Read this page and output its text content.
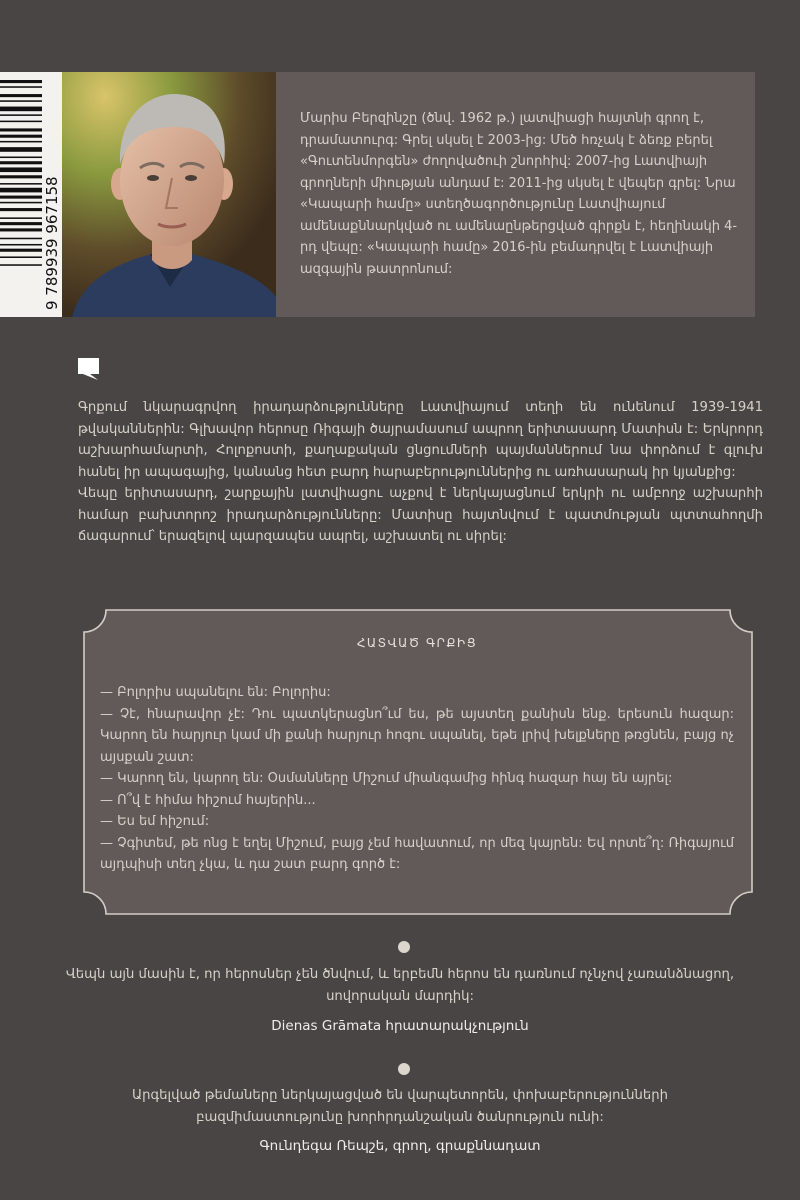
9 789939 967158

Մարիս Բերզինշը (ծնվ. 1962 թ.) լատվիացի հայտնի գրող է, դրամատուրգ: Գրել սկսել է 2003-ից: Մեծ հռչակ է ձեռք բերել «Գուտենմորգեն» ժողովածուի շնորհիվ: 2007-ից Լատվիայի գրողների միության անդամ է: 2011-ից սկսել է վեպեր գրել: Նրա «Կապարի համը» ստեղծագործությունը Լատվիայում ամենաքննարկված ու ամենաընթերցված գիրքն է, հեղինակի 4-րդ վեպը: «Կապարի համը» 2016-ին բեմադրվել է Լատվիայի ազգային թատրոնում:

Գրքում նկարագրվող իրադարձությունները Լատվիայում տեղի են ունենում 1939-1941 թվականներին: Գլխավոր հերոսը Ռիգայի ծայրամասում ապրող երիտասարդ Մատիսն է: Երկրորդ աշխարհամարտի, Հոլոքոստի, քաղաքական ցնցումների պայմաններում նա փորձում է գլուխ հանել իր ապագայից, կանանց հետ բարդ հարաբերություններից ու առհասարակ իր կյանքից:

Վեպը երիտասարդ, շարքային լատվիացու աչքով է ներկայացնում երկրի ու ամբողջ աշխարհի համար բախտորոշ իրադարձությունները: Մատիսը հայտնվում է պատմության պտտահողմի ճագարում՝ երազելով պարզապես ապրել, աշխատել ու սիրել:

ՀԱՏՎԱԾ ԳՐՔԻՑ

— Բոլորիս սպանելու են: Բոլորիս:

— Չէ, հնարավոր չէ: Դու պատկերացնո՞ւմ ես, թե այստեղ քանիսն ենք. երեսուն հազար: Կարող են հարյուր կամ մի քանի հարյուր հոգու սպանել, եթե լրիվ խելքները թռցնեն, բայց ոչ այսքան շատ:

— Կարող են, կարող են: Օսմանները Միշում միանգամից հինգ հազար հայ են այրել:

— Ո՞վ է հիմա հիշում հայերին...

— Ես եմ հիշում:

— Չգիտեմ, թե ոնց է եղել Միշում, բայց չեմ հավատում, որ մեզ կայրեն: Եվ որտե՞ղ: Ռիգայում այդպիսի տեղ չկա, և դա շատ բարդ գործ է:

Վեպն այն մասին է, որ հերոսներ չեն ծնվում, և երբեմն հերոս են դառնում ոչնչով չառանձնացող, սովորական մարդիկ:

Dienas Grāmata հրատարակչություն

Արգելված թեմաները ներկայացված են վարպետորեն, փոխաբերությունների բազմիմաստությունը խորհրդանշական ծանրություն ունի:

Գունդեգա Ռեպշե, գրող, գրաքննադատ
